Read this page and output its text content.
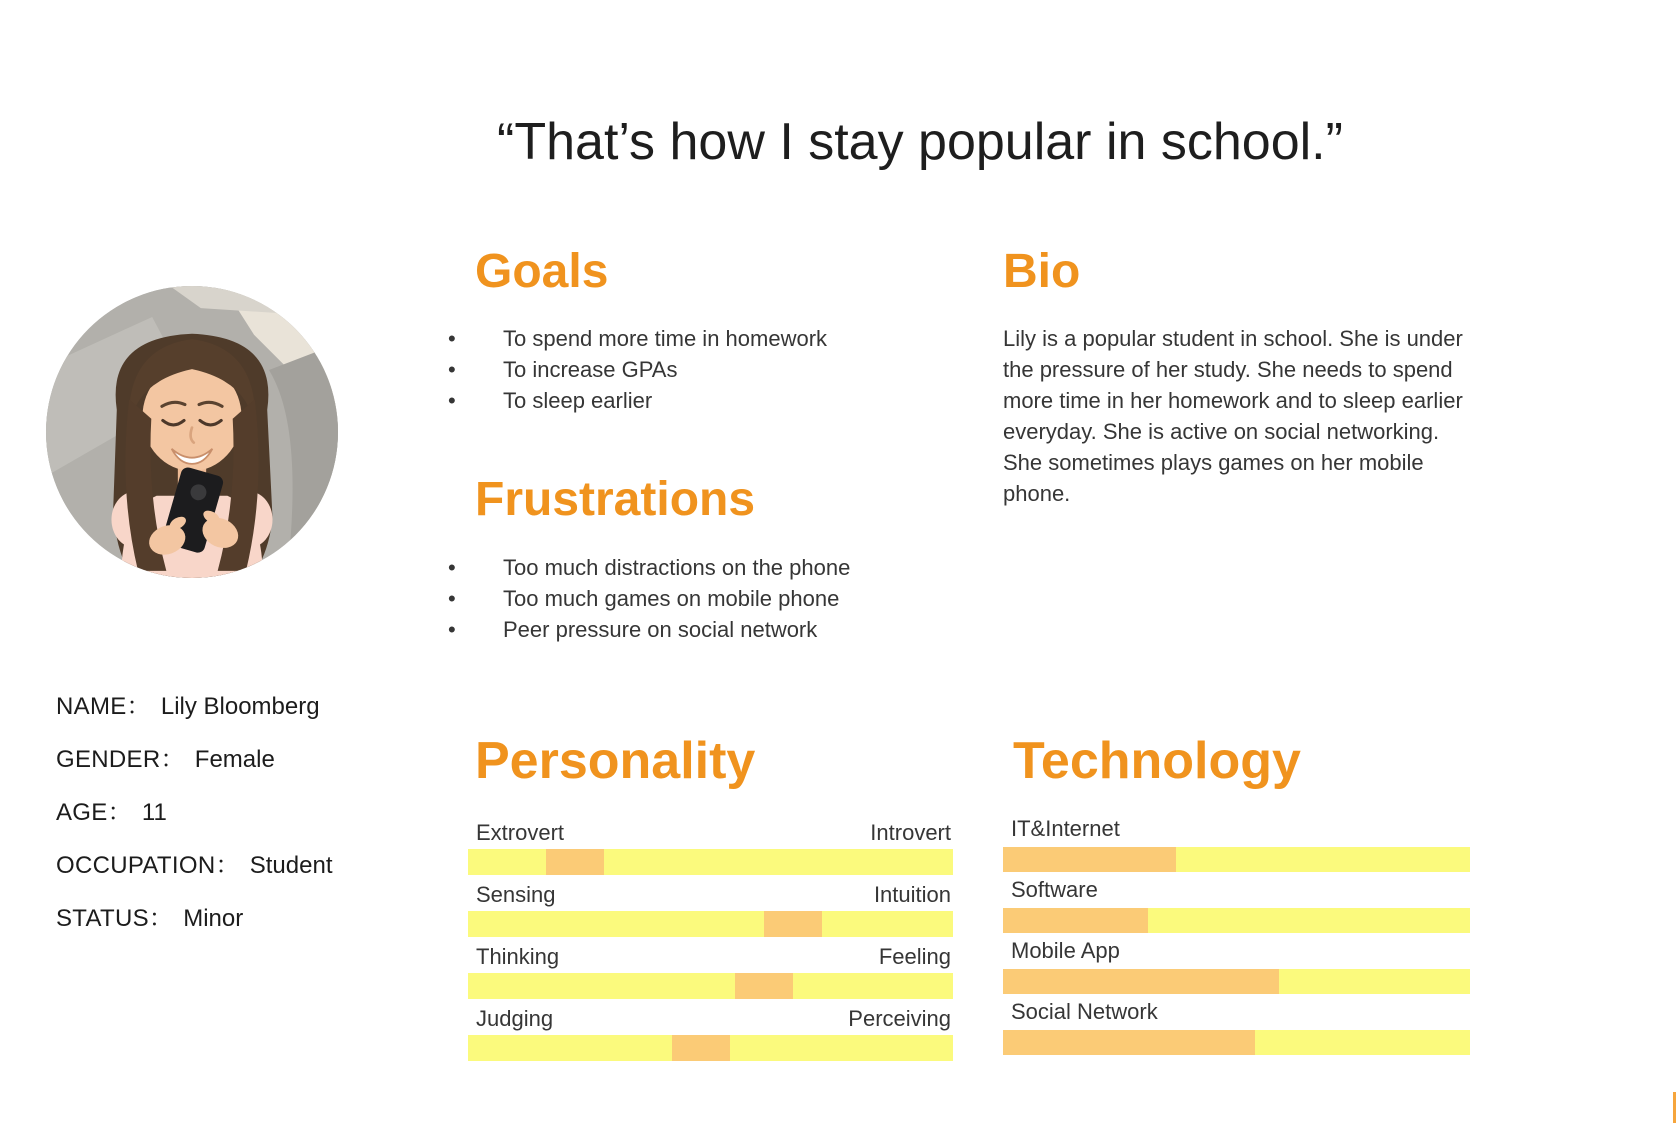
“That’s how I stay popular in school.”
NAME： Lily Bloomberg
GENDER： Female
AGE： 11
OCCUPATION： Student
STATUS： Minor
Goals
•	To spend more time in homework
•	To increase GPAs
•	To sleep earlier
Frustrations
•	Too much distractions on the phone
•	Too much games on mobile phone
•	Peer pressure on social network
Bio
Lily is a popular student in school. She is under the pressure of her study. She needs to spend more time in her homework and to sleep earlier everyday. She is active on social networking. She sometimes plays games on her mobile phone.
Personality
Extrovert	Introvert
Sensing	Intuition
Thinking	Feeling
Judging	Perceiving
Technology
IT&Internet
Software
Mobile App
Social Network
